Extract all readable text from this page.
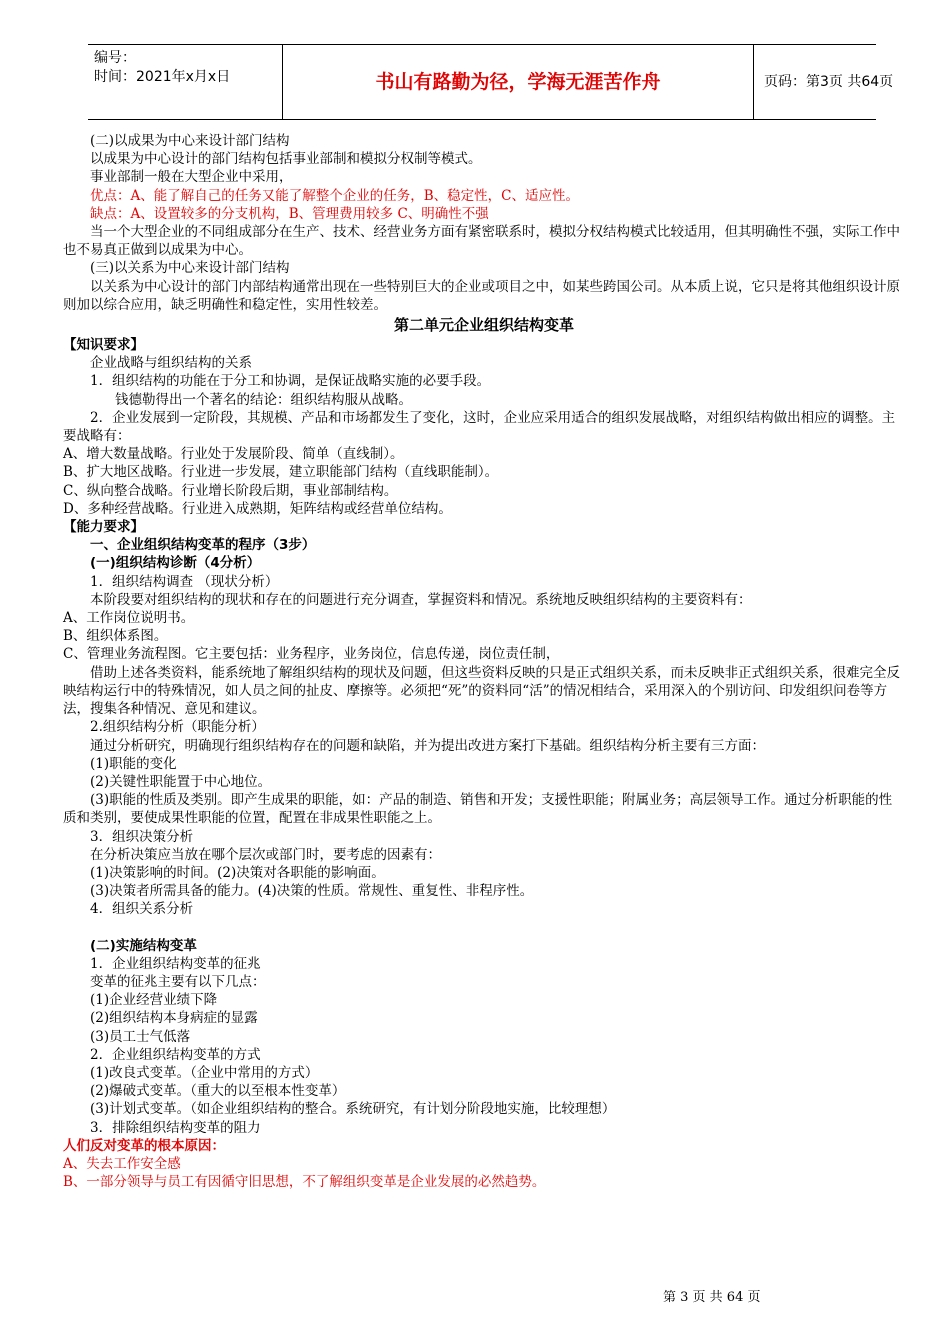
编号：
时间：2021年x月x日	书山有路勤为径，学海无涯苦作舟	页码：第3页 共64页

(二)以成果为中心来设计部门结构

以成果为中心设计的部门结构包括事业部制和模拟分权制等模式。

事业部制一般在大型企业中采用，

优点：A、能了解自己的任务又能了解整个企业的任务，B、稳定性，C、适应性。

缺点：A、设置较多的分支机构，B、管理费用较多 C、明确性不强

当一个大型企业的不同组成部分在生产、技术、经营业务方面有紧密联系时，模拟分权结构模式比较适用，但其明确性不强，实际工作中也不易真正做到以成果为中心。

(三)以关系为中心来设计部门结构

以关系为中心设计的部门内部结构通常出现在一些特别巨大的企业或项目之中，如某些跨国公司。从本质上说，它只是将其他组织设计原则加以综合应用，缺乏明确性和稳定性，实用性较差。

第二单元企业组织结构变革

【知识要求】

企业战略与组织结构的关系

1．组织结构的功能在于分工和协调，是保证战略实施的必要手段。

钱德勒得出一个著名的结论：组织结构服从战略。

2．企业发展到一定阶段，其规模、产品和市场都发生了变化，这时，企业应采用适合的组织发展战略，对组织结构做出相应的调整。主要战略有：

A、增大数量战略。行业处于发展阶段、简单（直线制）。

B、扩大地区战略。行业进一步发展，建立职能部门结构（直线职能制）。

C、纵向整合战略。行业增长阶段后期，事业部制结构。

D、多种经营战略。行业进入成熟期，矩阵结构或经营单位结构。

【能力要求】

一、企业组织结构变革的程序（3步）

(一)组织结构诊断（4分析）

1．组织结构调查 （现状分析）

本阶段要对组织结构的现状和存在的问题进行充分调查，掌握资料和情况。系统地反映组织结构的主要资料有：

A、工作岗位说明书。

B、组织体系图。

C、管理业务流程图。它主要包括：业务程序，业务岗位，信息传递，岗位责任制，

借助上述各类资料，能系统地了解组织结构的现状及问题，但这些资料反映的只是正式组织关系，而未反映非正式组织关系，很难完全反映结构运行中的特殊情况，如人员之间的扯皮、摩擦等。必须把“死”的资料同“活”的情况相结合，采用深入的个别访问、印发组织问卷等方法，搜集各种情况、意见和建议。

2.组织结构分析（职能分析）

通过分析研究，明确现行组织结构存在的问题和缺陷，并为提出改进方案打下基础。组织结构分析主要有三方面：

(1)职能的变化

(2)关键性职能置于中心地位。

(3)职能的性质及类别。即产生成果的职能，如：产品的制造、销售和开发；支援性职能；附属业务；高层领导工作。通过分析职能的性质和类别，要使成果性职能的位置，配置在非成果性职能之上。

3．组织决策分析

在分析决策应当放在哪个层次或部门时，要考虑的因素有：

(1)决策影响的时间。(2)决策对各职能的影响面。

(3)决策者所需具备的能力。(4)决策的性质。常规性、重复性、非程序性。

4．组织关系分析

(二)实施结构变革

1．企业组织结构变革的征兆

变革的征兆主要有以下几点：

(1)企业经营业绩下降

(2)组织结构本身病症的显露

(3)员工士气低落

2．企业组织结构变革的方式

(1)改良式变革。（企业中常用的方式）

(2)爆破式变革。（重大的以至根本性变革）

(3)计划式变革。（如企业组织结构的整合。系统研究，有计划分阶段地实施，比较理想）

3．排除组织结构变革的阻力

人们反对变革的根本原因：

A、失去工作安全感

B、一部分领导与员工有因循守旧思想，不了解组织变革是企业发展的必然趋势。

第 3 页 共 64 页
